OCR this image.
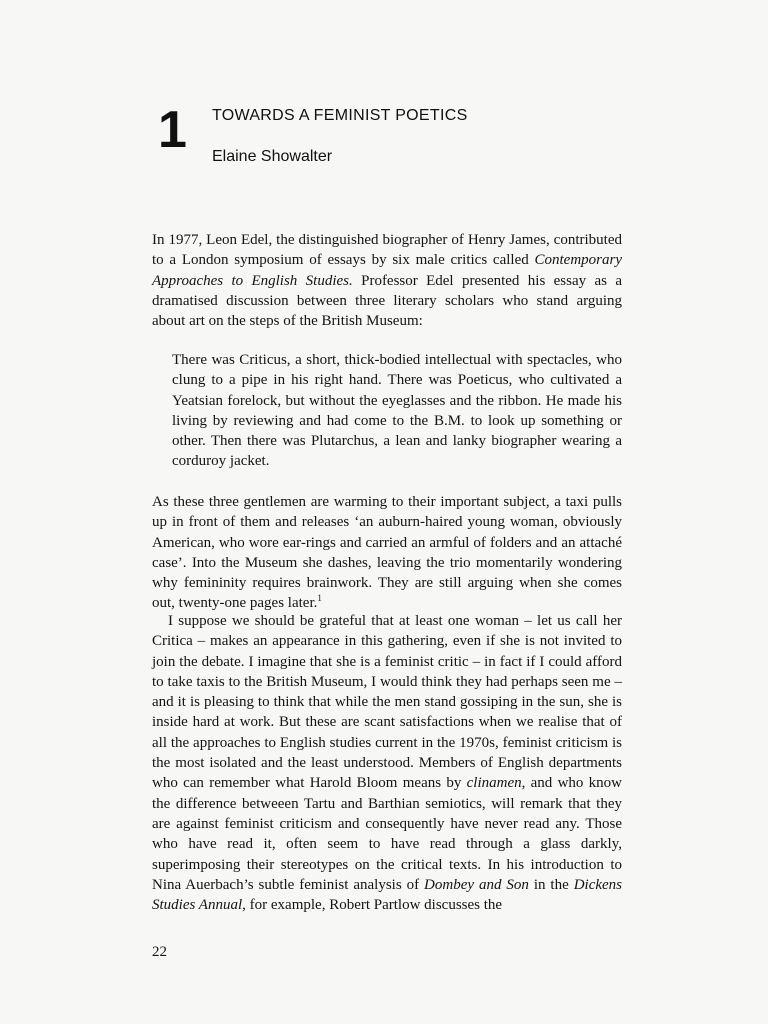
1 TOWARDS A FEMINIST POETICS
Elaine Showalter

In 1977, Leon Edel, the distinguished biographer of Henry James, contributed to a London symposium of essays by six male critics called Contemporary Approaches to English Studies. Professor Edel presented his essay as a dramatised discussion between three literary scholars who stand arguing about art on the steps of the British Museum:

There was Criticus, a short, thick-bodied intellectual with spectacles, who clung to a pipe in his right hand. There was Poeticus, who cultivated a Yeatsian forelock, but without the eyeglasses and the ribbon. He made his living by reviewing and had come to the B.M. to look up something or other. Then there was Plutarchus, a lean and lanky biographer wearing a corduroy jacket.

As these three gentlemen are warming to their important subject, a taxi pulls up in front of them and releases ‘an auburn-haired young woman, obviously American, who wore ear-rings and carried an armful of folders and an attaché case’. Into the Museum she dashes, leaving the trio momentarily wondering why femininity requires brainwork. They are still arguing when she comes out, twenty-one pages later.$^1$

I suppose we should be grateful that at least one woman – let us call her Critica – makes an appearance in this gathering, even if she is not invited to join the debate. I imagine that she is a feminist critic – in fact if I could afford to take taxis to the British Museum, I would think they had perhaps seen me – and it is pleasing to think that while the men stand gossiping in the sun, she is inside hard at work. But these are scant satisfactions when we realise that of all the approaches to English studies current in the 1970s, feminist criticism is the most isolated and the least understood. Members of English departments who can remember what Harold Bloom means by clinamen, and who know the difference betweeen Tartu and Barthian semiotics, will remark that they are against feminist criticism and consequently have never read any. Those who have read it, often seem to have read through a glass darkly, superimposing their stereotypes on the critical texts. In his introduction to Nina Auerbach’s subtle feminist analysis of Dombey and Son in the Dickens Studies Annual, for example, Robert Partlow discusses the

22
